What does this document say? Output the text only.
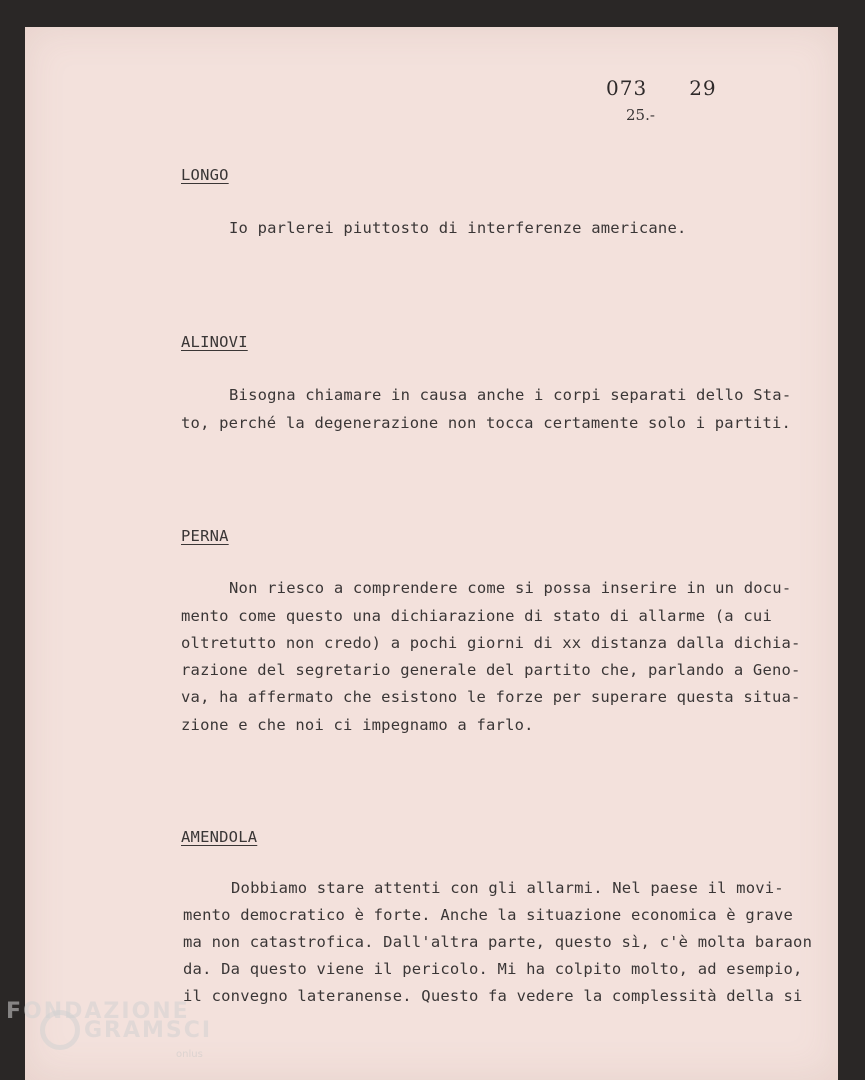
073 29
25.-
LONGO
Io parlerei piuttosto di interferenze americane.
ALINOVI
Bisogna chiamare in causa anche i corpi separati dello Sta-
to, perché la degenerazione non tocca certamente solo i partiti.
PERNA
Non riesco a comprendere come si possa inserire in un docu-
mento come questo una dichiarazione di stato di allarme (a cui
oltretutto non credo) a pochi giorni di xx distanza dalla dichia-
razione del segretario generale del partito che, parlando a Geno-
va, ha affermato che esistono le forze per superare questa situa-
zione e che noi ci impegnamo a farlo.
AMENDOLA
Dobbiamo stare attenti con gli allarmi. Nel paese il movi-
mento democratico è forte. Anche la situazione economica è grave
ma non catastrofica. Dall'altra parte, questo sì, c'è molta baraon
da. Da questo viene il pericolo. Mi ha colpito molto, ad esempio,
il convegno lateranense. Questo fa vedere la complessità della si
FONDAZIONE
GRAMSCI
onlus
